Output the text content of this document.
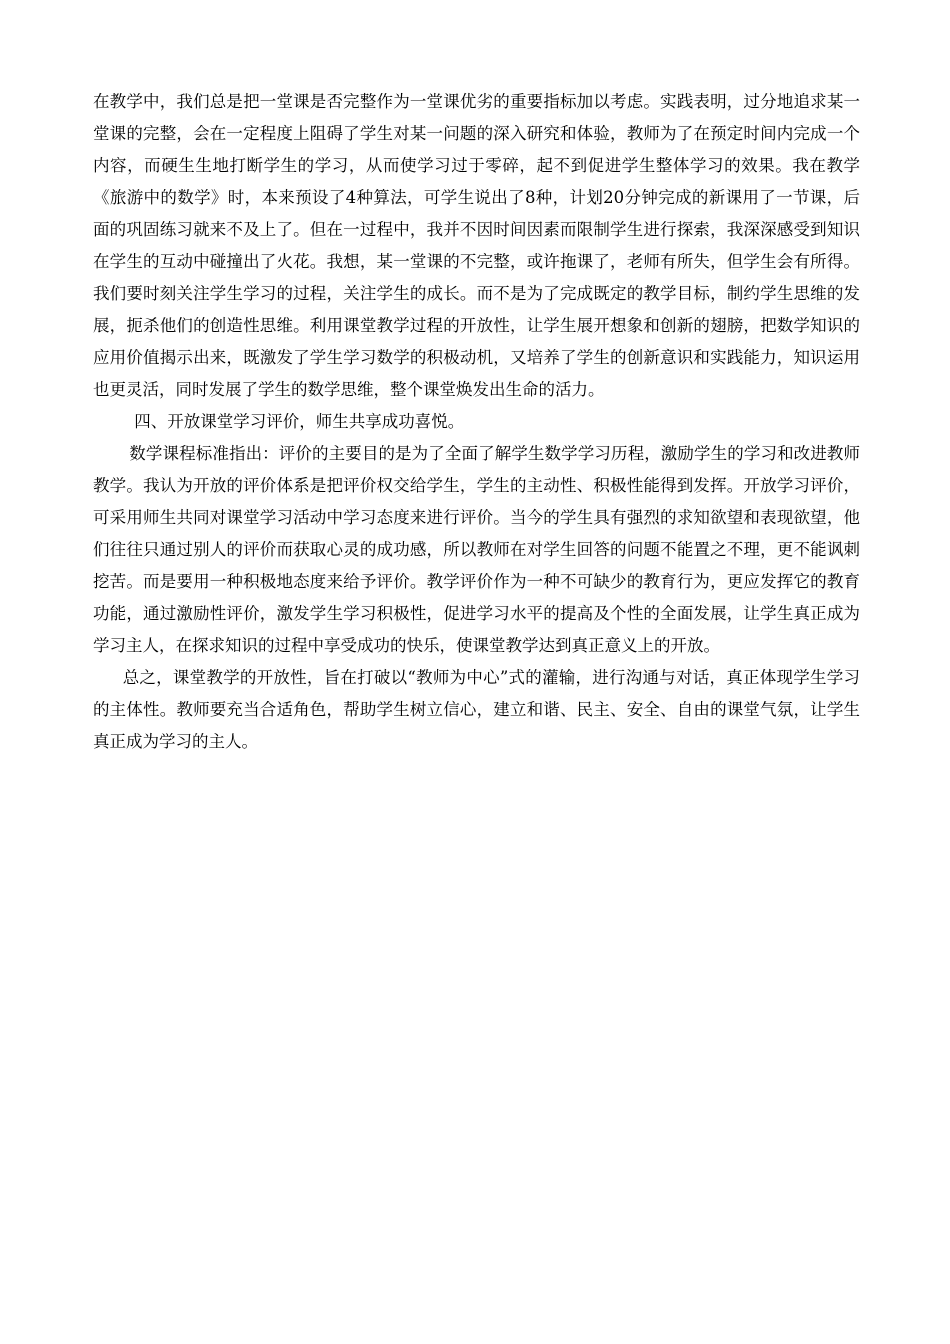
在教学中，我们总是把一堂课是否完整作为一堂课优劣的重要指标加以考虑。实践表明，过分地追求某一堂课的完整，会在一定程度上阻碍了学生对某一问题的深入研究和体验，教师为了在预定时间内完成一个内容，而硬生生地打断学生的学习，从而使学习过于零碎，起不到促进学生整体学习的效果。我在教学《旅游中的数学》时，本来预设了4种算法，可学生说出了8种，计划20分钟完成的新课用了一节课，后面的巩固练习就来不及上了。但在一过程中，我并不因时间因素而限制学生进行探索，我深深感受到知识在学生的互动中碰撞出了火花。我想，某一堂课的不完整，或许拖课了，老师有所失，但学生会有所得。我们要时刻关注学生学习的过程，关注学生的成长。而不是为了完成既定的教学目标，制约学生思维的发展，扼杀他们的创造性思维。利用课堂教学过程的开放性，让学生展开想象和创新的翅膀，把数学知识的应用价值揭示出来，既激发了学生学习数学的积极动机，又培养了学生的创新意识和实践能力，知识运用也更灵活，同时发展了学生的数学思维，整个课堂焕发出生命的活力。

四、开放课堂学习评价，师生共享成功喜悦。

数学课程标准指出：评价的主要目的是为了全面了解学生数学学习历程，激励学生的学习和改进教师教学。我认为开放的评价体系是把评价权交给学生，学生的主动性、积极性能得到发挥。开放学习评价，可采用师生共同对课堂学习活动中学习态度来进行评价。当今的学生具有强烈的求知欲望和表现欲望，他们往往只通过别人的评价而获取心灵的成功感，所以教师在对学生回答的问题不能置之不理，更不能讽刺挖苦。而是要用一种积极地态度来给予评价。教学评价作为一种不可缺少的教育行为，更应发挥它的教育功能，通过激励性评价，激发学生学习积极性，促进学习水平的提高及个性的全面发展，让学生真正成为学习主人，在探求知识的过程中享受成功的快乐，使课堂教学达到真正意义上的开放。

总之，课堂教学的开放性，旨在打破以“教师为中心”式的灌输，进行沟通与对话，真正体现学生学习的主体性。教师要充当合适角色，帮助学生树立信心，建立和谐、民主、安全、自由的课堂气氛，让学生真正成为学习的主人。
